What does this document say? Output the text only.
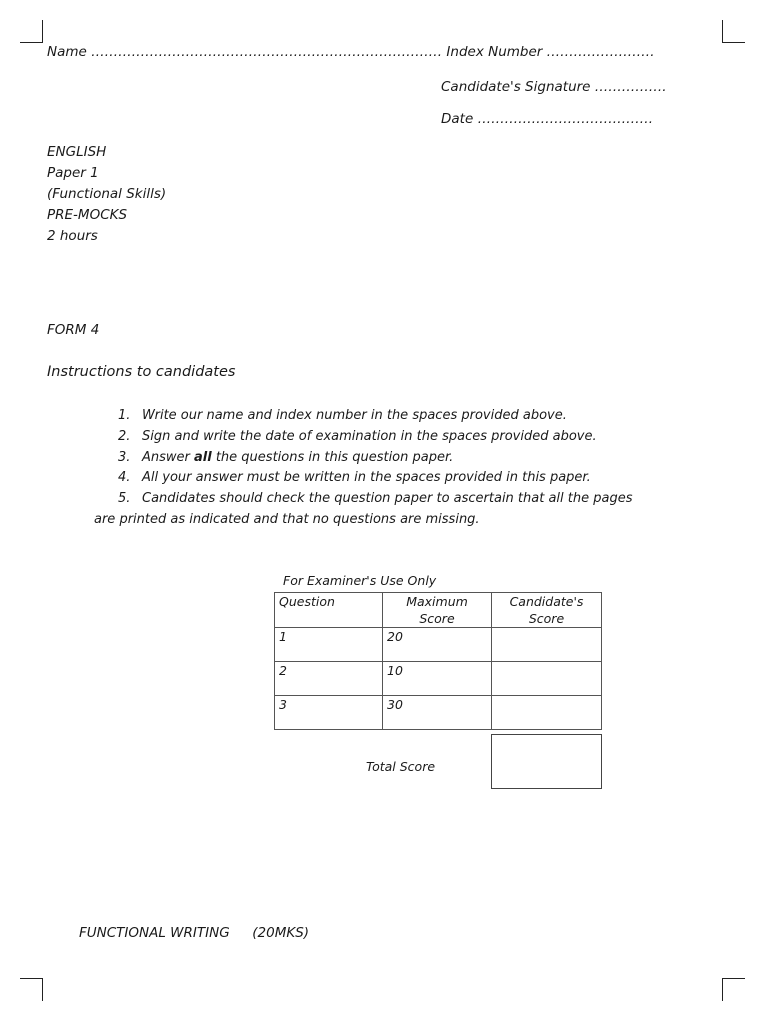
Name …………………………………………………………………… Index Number ……………………
Candidate's Signature …………….
Date …………………………………
ENGLISH
Paper 1
(Functional Skills)
PRE-MOCKS
2 hours
FORM 4
Instructions to candidates
1. Write our name and index number in the spaces provided above.
2. Sign and write the date of examination in the spaces provided above.
3. Answer all the questions in this question paper.
4. All your answer must be written in the spaces provided in this paper.
5. Candidates should check the question paper to ascertain that all the pages
are printed as indicated and that no questions are missing.
For Examiner's Use Only
Question	Maximum Score	Candidate's Score
1	20	
2	10	
3	30	
Total Score
FUNCTIONAL WRITING (20MKS)
